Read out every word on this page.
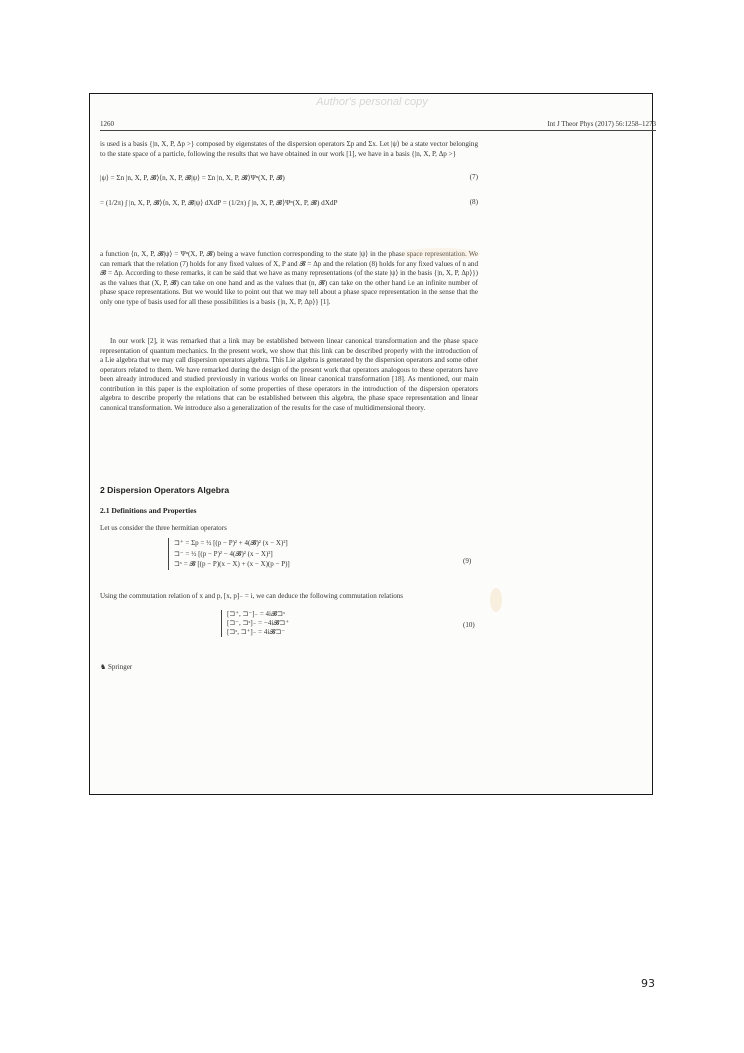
Author's personal copy
1260	Int J Theor Phys (2017) 56:1258–1273
is used is a basis {|n, X, P, Δp >} composed by eigenstates of the dispersion operators Σp and Σx. Let |ψ⟩ be a state vector belonging to the state space of a particle, following the results that we have obtained in our work [1], we have in a basis {|n, X, P, Δp >}
|ψ⟩ = Σn |n, X, P, 𝓑⟩⟨n, X, P, 𝓑|ψ⟩ = Σn |n, X, P, 𝓑⟩Ψⁿ(X, P, 𝓑)	(7)
= (1/2π) ∫ |n, X, P, 𝓑⟩⟨n, X, P, 𝓑|ψ⟩ dXdP = (1/2π) ∫ |n, X, P, 𝓑⟩Ψⁿ(X, P, 𝓑) dXdP	(8)
a function ⟨n, X, P, 𝓑|ψ⟩ = Ψⁿ(X, P, 𝓑) being a wave function corresponding to the state |ψ⟩ in the phase space representation. We can remark that the relation (7) holds for any fixed values of X, P and 𝓑 = Δp and the relation (8) holds for any fixed values of n and 𝓑 = Δp. According to these remarks, it can be said that we have as many representations (of the state |ψ⟩ in the basis {|n, X, P, Δp⟩}) as the values that (X, P, 𝓑) can take on one hand and as the values that (n, 𝓑) can take on the other hand i.e an infinite number of phase space representations. But we would like to point out that we may tell about a phase space representation in the sense that the only one type of basis used for all these possibilities is a basis {|n, X, P, Δp⟩} [1].
In our work [2], it was remarked that a link may be established between linear canonical transformation and the phase space representation of quantum mechanics. In the present work, we show that this link can be described properly with the introduction of a Lie algebra that we may call dispersion operators algebra. This Lie algebra is generated by the dispersion operators and some other operators related to them. We have remarked during the design of the present work that operators analogous to these operators have been already introduced and studied previously in various works on linear canonical transformation [18]. As mentioned, our main contribution in this paper is the exploitation of some properties of these operators in the introduction of the dispersion operators algebra to describe properly the relations that can be established between this algebra, the phase space representation and linear canonical transformation. We introduce also a generalization of the results for the case of multidimensional theory.
2 Dispersion Operators Algebra
2.1 Definitions and Properties
Let us consider the three hermitian operators
⊐⁺ = Σp = ½ [(p − P)² + 4(𝓑)² (x − X)²]
⊐⁻ = ½ [(p − P)² − 4(𝓑)² (x − X)²]
⊐ˣ = 𝓑 [(p − P)(x − X) + (x − X)(p − P)]	(9)
Using the commutation relation of x and p, [x, p]₋ = i, we can deduce the following commutation relations
[⊐⁺, ⊐⁻]₋ = 4i𝓑⊐ˣ
[⊐⁻, ⊐ˣ]₋ = −4i𝓑⊐⁺
[⊐ˣ, ⊐⁺]₋ = 4i𝓑⊐⁻
(10)
♞ Springer
93
